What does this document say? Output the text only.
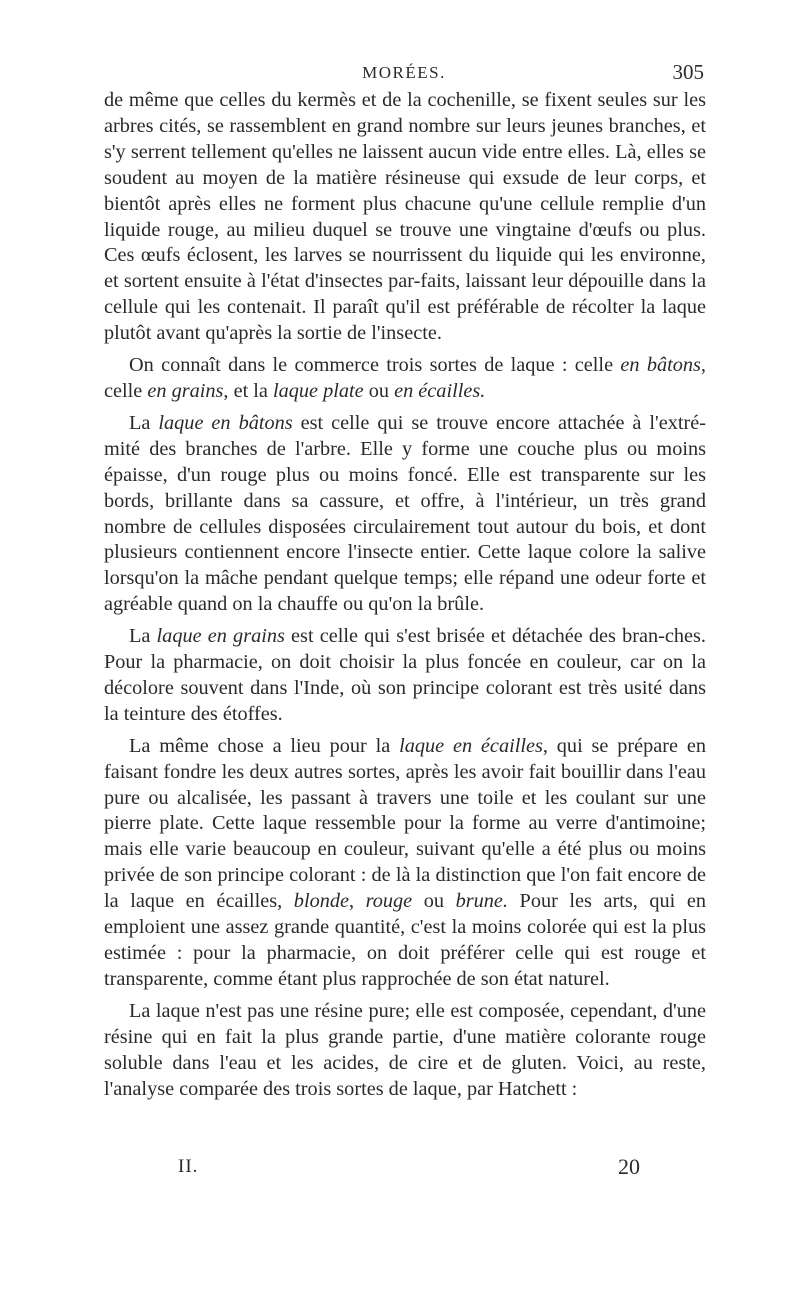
MORÉES.	305

de même que celles du kermès et de la cochenille, se fixent seules sur les arbres cités, se rassemblent en grand nombre sur leurs jeunes branches, et s'y serrent tellement qu'elles ne laissent aucun vide entre elles. Là, elles se soudent au moyen de la matière résineuse qui exsude de leur corps, et bientôt après elles ne forment plus chacune qu'une cellule remplie d'un liquide rouge, au milieu duquel se trouve une vingtaine d'œufs ou plus. Ces œufs éclosent, les larves se nourrissent du liquide qui les environne, et sortent ensuite à l'état d'insectes par-faits, laissant leur dépouille dans la cellule qui les contenait. Il paraît qu'il est préférable de récolter la laque plutôt avant qu'après la sortie de l'insecte.

On connaît dans le commerce trois sortes de laque : celle en bâtons, celle en grains, et la laque plate ou en écailles.

La laque en bâtons est celle qui se trouve encore attachée à l'extré-mité des branches de l'arbre. Elle y forme une couche plus ou moins épaisse, d'un rouge plus ou moins foncé. Elle est transparente sur les bords, brillante dans sa cassure, et offre, à l'intérieur, un très grand nombre de cellules disposées circulairement tout autour du bois, et dont plusieurs contiennent encore l'insecte entier. Cette laque colore la salive lorsqu'on la mâche pendant quelque temps; elle répand une odeur forte et agréable quand on la chauffe ou qu'on la brûle.

La laque en grains est celle qui s'est brisée et détachée des bran-ches. Pour la pharmacie, on doit choisir la plus foncée en couleur, car on la décolore souvent dans l'Inde, où son principe colorant est très usité dans la teinture des étoffes.

La même chose a lieu pour la laque en écailles, qui se prépare en faisant fondre les deux autres sortes, après les avoir fait bouillir dans l'eau pure ou alcalisée, les passant à travers une toile et les coulant sur une pierre plate. Cette laque ressemble pour la forme au verre d'antimoine; mais elle varie beaucoup en couleur, suivant qu'elle a été plus ou moins privée de son principe colorant : de là la distinction que l'on fait encore de la laque en écailles, blonde, rouge ou brune. Pour les arts, qui en emploient une assez grande quantité, c'est la moins colorée qui est la plus estimée : pour la pharmacie, on doit préférer celle qui est rouge et transparente, comme étant plus rapprochée de son état naturel.

La laque n'est pas une résine pure; elle est composée, cependant, d'une résine qui en fait la plus grande partie, d'une matière colorante rouge soluble dans l'eau et les acides, de cire et de gluten. Voici, au reste, l'analyse comparée des trois sortes de laque, par Hatchett :

II.	20
